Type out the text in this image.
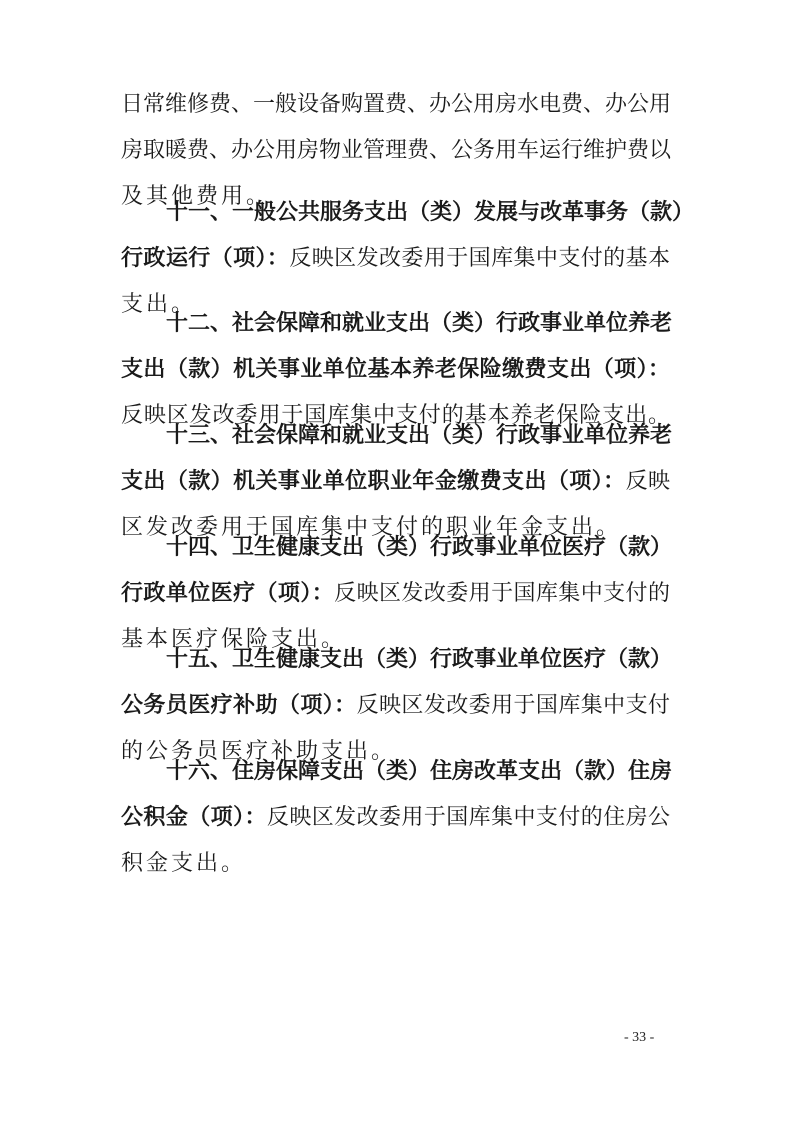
日常维修费、一般设备购置费、办公用房水电费、办公用
房取暖费、办公用房物业管理费、公务用车运行维护费以
及其他费用。
十一、一般公共服务支出（类）发展与改革事务（款）
行政运行（项）：反映区发改委用于国库集中支付的基本
支出。
十二、社会保障和就业支出（类）行政事业单位养老
支出（款）机关事业单位基本养老保险缴费支出（项）：
反映区发改委用于国库集中支付的基本养老保险支出。
十三、社会保障和就业支出（类）行政事业单位养老
支出（款）机关事业单位职业年金缴费支出（项）：反映
区发改委用于国库集中支付的职业年金支出。
十四、卫生健康支出（类）行政事业单位医疗（款）
行政单位医疗（项）：反映区发改委用于国库集中支付的
基本医疗保险支出。
十五、卫生健康支出（类）行政事业单位医疗（款）
公务员医疗补助（项）：反映区发改委用于国库集中支付
的公务员医疗补助支出。
- 33 -
十六、住房保障支出（类）住房改革支出（款）住房
公积金（项）：反映区发改委用于国库集中支付的住房公
积金支出。
